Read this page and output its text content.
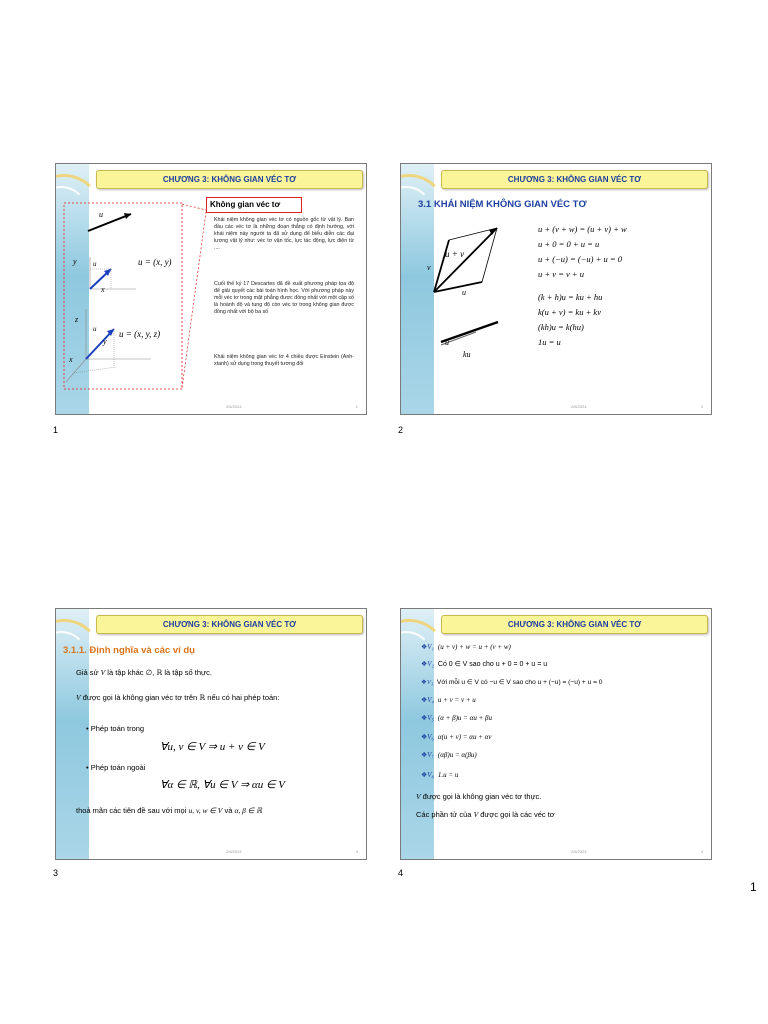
CHƯƠNG 3: KHÔNG GIAN VÉC TƠ
u
y u
x
u = (x, y)
z
u
y
u = (x, y, z)
x
Không gian véc tơ
Khái niệm không gian véc tơ có nguồn gốc từ vật lý. Ban đầu các véc tơ là những đoạn thẳng có định hướng, với khái niệm này người ta đã sử dụng để biểu diễn các đại lượng vật lý như: véc tơ vận tốc, lực tác động, lực điện từ ....
Cuối thế kỷ 17 Descartes đã đề xuất phương pháp tọa độ để giải quyết các bài toán hình học. Với phương pháp này mỗi véc tơ trong mặt phẳng được đồng nhất với một cặp số là hoành độ và tung độ còn véc tơ trong không gian được đồng nhất với bộ ba số
Khái niệm không gian véc tơ 4 chiều được Einstein (Anh-xtanh) sử dụng trong thuyết tương đối
2/6/2024	1
CHƯƠNG 3: KHÔNG GIAN VÉC TƠ
3.1 KHÁI NIỆM KHÔNG GIAN VÉC TƠ
u + v
v
u
u
ku
u + (v + w) = (u + v) + w
u + 0 = 0 + u = u
u + (−u) = (−u) + u = 0
u + v = v + u
(k + h)u = ku + hu
k(u + v) = ku + kv
(kh)u = k(hu)
1u = u
2/6/2024	2
CHƯƠNG 3: KHÔNG GIAN VÉC TƠ
3.1.1. Định nghĩa và các ví dụ
Giả sử V là tập khác ∅, ℝ là tập số thực.
V được gọi là không gian véc tơ trên ℝ nếu có hai phép toán:
• Phép toán trong
∀u, v ∈ V ⇒ u + v ∈ V
• Phép toán ngoài
∀α ∈ ℝ, ∀u ∈ V ⇒ αu ∈ V
thoả mãn các tiên đề sau với mọi u, v, w ∈ V và α, β ∈ ℝ
2/6/2024	3
CHƯƠNG 3: KHÔNG GIAN VÉC TƠ
❖V₁ (u + v) + w = u + (v + w)
❖V₂ Có 0 ∈ V sao cho u + 0 = 0 + u = u
❖V₃ Với mỗi u ∈ V có −u ∈ V sao cho u + (−u) = (−u) + u = 0
❖V₄ u + v = v + u
❖V₅ (α + β)u = αu + βu
❖V₆ α(u + v) = αu + αv
❖V₇ (αβ)u = α(βu)
❖V₈ 1.u = u
V được gọi là không gian véc tơ thực.
Các phần tử của V được gọi là các véc tơ
2/6/2024	4
1	2
3	4
1
